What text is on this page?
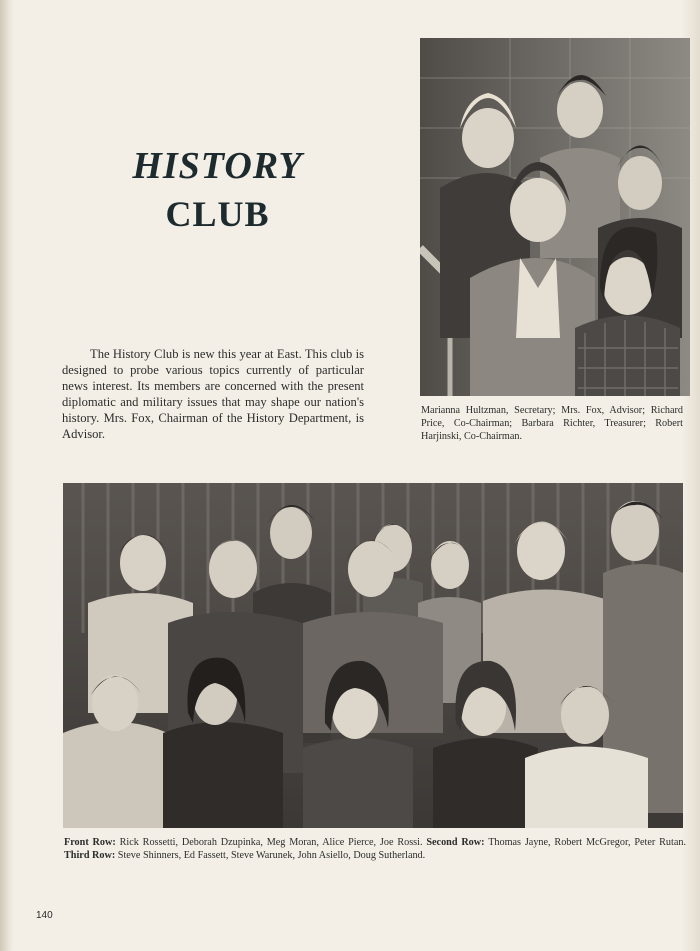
HISTORY
CLUB

The History Club is new this year at East. This club is designed to probe various topics currently of particular news interest. Its members are concerned with the present diplomatic and military issues that may shape our nation's history. Mrs. Fox, Chairman of the History Department, is Advisor.

Marianna Hultzman, Secretary; Mrs. Fox, Advisor; Richard Price, Co-Chairman; Barbara Richter, Treasurer; Robert Harjinski, Co-Chairman.

Front Row: Rick Rossetti, Deborah Dzupinka, Meg Moran, Alice Pierce, Joe Rossi. Second Row: Thomas Jayne, Robert McGregor, Peter Rutan. Third Row: Steve Shinners, Ed Fassett, Steve Warunek, John Asiello, Doug Sutherland.

140
